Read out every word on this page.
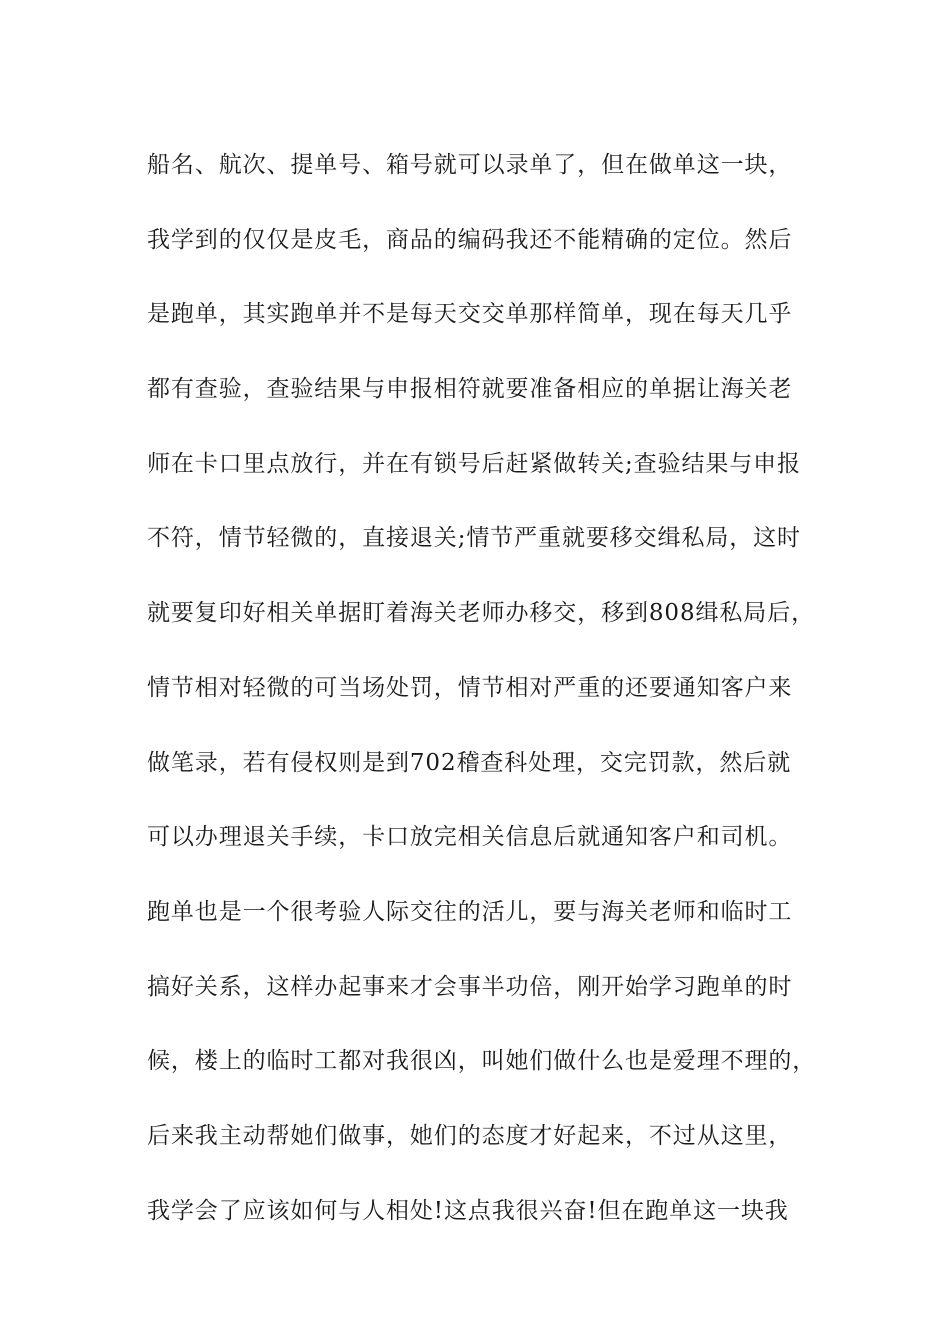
船名、航次、提单号、箱号就可以录单了，但在做单这一块，
我学到的仅仅是皮毛，商品的编码我还不能精确的定位。然后
是跑单，其实跑单并不是每天交交单那样简单，现在每天几乎
都有查验，查验结果与申报相符就要准备相应的单据让海关老
师在卡口里点放行，并在有锁号后赶紧做转关;查验结果与申报
不符，情节轻微的，直接退关;情节严重就要移交缉私局，这时
就要复印好相关单据盯着海关老师办移交，移到808缉私局后，
情节相对轻微的可当场处罚，情节相对严重的还要通知客户来
做笔录，若有侵权则是到702稽查科处理，交完罚款，然后就
可以办理退关手续，卡口放完相关信息后就通知客户和司机。
跑单也是一个很考验人际交往的活儿，要与海关老师和临时工
搞好关系，这样办起事来才会事半功倍，刚开始学习跑单的时
候，楼上的临时工都对我很凶，叫她们做什么也是爱理不理的，
后来我主动帮她们做事，她们的态度才好起来，不过从这里，
我学会了应该如何与人相处!这点我很兴奋!但在跑单这一块我
